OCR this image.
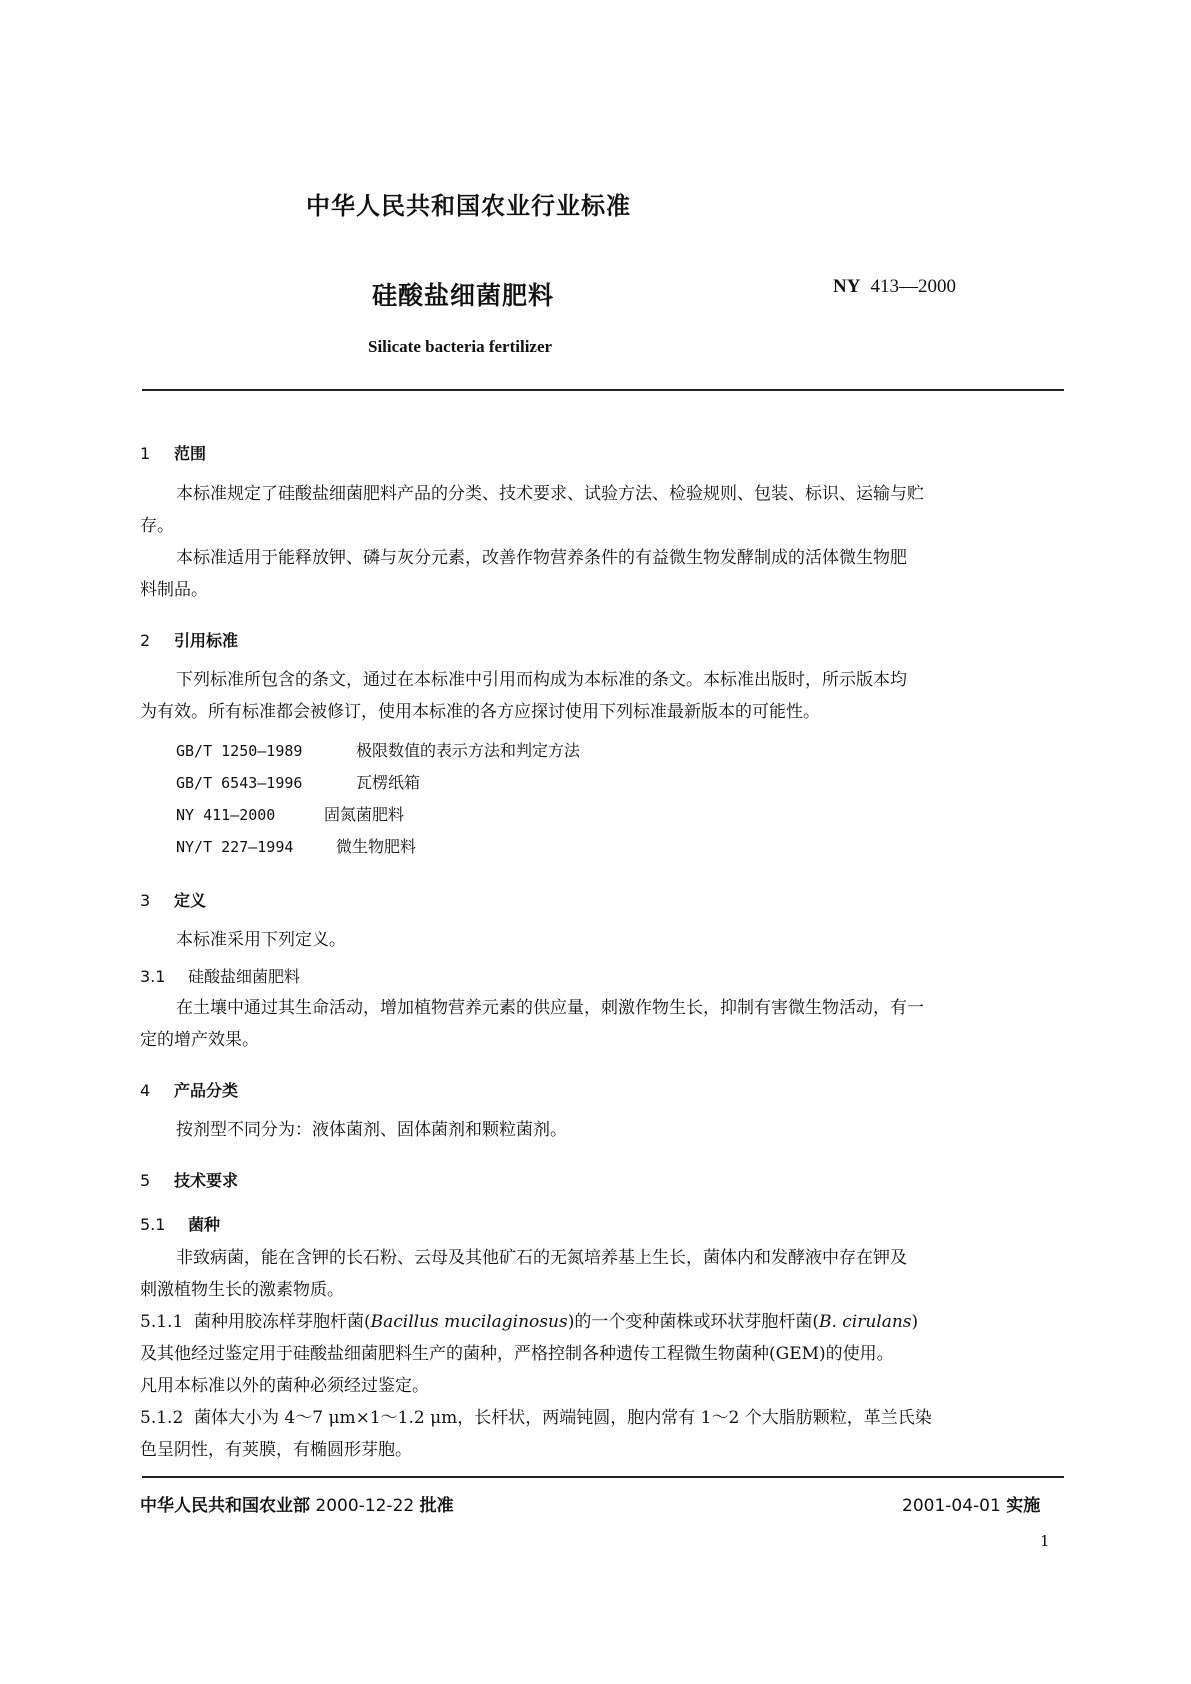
中华人民共和国农业行业标准
硅酸盐细菌肥料	NY 413—2000
Silicate bacteria fertilizer
1 范围
本标准规定了硅酸盐细菌肥料产品的分类、技术要求、试验方法、检验规则、包装、标识、运输与贮
存。
本标准适用于能释放钾、磷与灰分元素，改善作物营养条件的有益微生物发酵制成的活体微生物肥
料制品。
2 引用标准
下列标准所包含的条文，通过在本标准中引用而构成为本标准的条文。本标准出版时，所示版本均
为有效。所有标准都会被修订，使用本标准的各方应探讨使用下列标准最新版本的可能性。
GB/T 1250—1989	极限数值的表示方法和判定方法
GB/T 6543—1996	瓦楞纸箱
NY 411—2000	固氮菌肥料
NY/T 227—1994	微生物肥料
3 定义
本标准采用下列定义。
3.1 硅酸盐细菌肥料
在土壤中通过其生命活动，增加植物营养元素的供应量，刺激作物生长，抑制有害微生物活动，有一
定的增产效果。
4 产品分类
按剂型不同分为：液体菌剂、固体菌剂和颗粒菌剂。
5 技术要求
5.1 菌种
非致病菌，能在含钾的长石粉、云母及其他矿石的无氮培养基上生长，菌体内和发酵液中存在钾及
刺激植物生长的激素物质。
5.1.1 菌种用胶冻样芽胞杆菌(Bacillus mucilaginosus)的一个变种菌株或环状芽胞杆菌(B. cirulans)
及其他经过鉴定用于硅酸盐细菌肥料生产的菌种，严格控制各种遗传工程微生物菌种(GEM)的使用。
凡用本标准以外的菌种必须经过鉴定。
5.1.2 菌体大小为 4～7 μm×1～1.2 μm，长杆状，两端钝圆，胞内常有 1～2 个大脂肪颗粒，革兰氏染
色呈阴性，有荚膜，有椭圆形芽胞。
中华人民共和国农业部 2000-12-22 批准	2001-04-01 实施
1
